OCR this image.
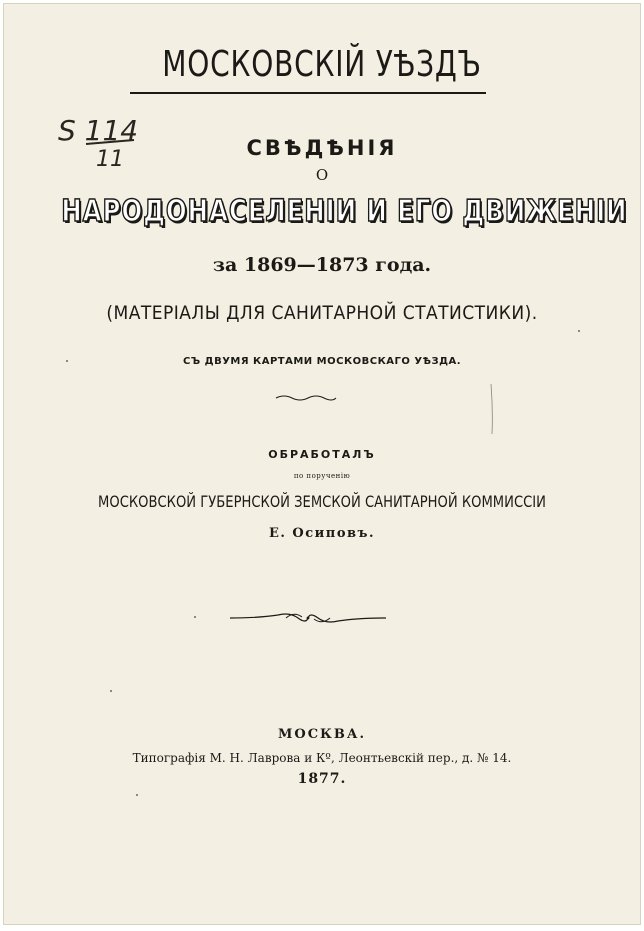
МОСКОВСКІЙ УѢЗДЪ
S 114
11	СВѢДѢНІЯ
О
НАРОДОНАСЕЛЕНІИ И ЕГО ДВИЖЕНІИ
за 1869—1873 года.
(МАТЕРІАЛЫ ДЛЯ САНИТАРНОЙ СТАТИСТИКИ).
СЪ ДВУМЯ КАРТАМИ МОСКОВСКАГО УѢЗДА.
ОБРАБОТАЛЪ
по порученію
МОСКОВСКОЙ ГУБЕРНСКОЙ ЗЕМСКОЙ САНИТАРНОЙ КОММИССІИ
Е. Осиповъ.
МОСКВА.
Типографія М. Н. Лаврова и Кº, Леонтьевскій пер., д. № 14.
1877.
